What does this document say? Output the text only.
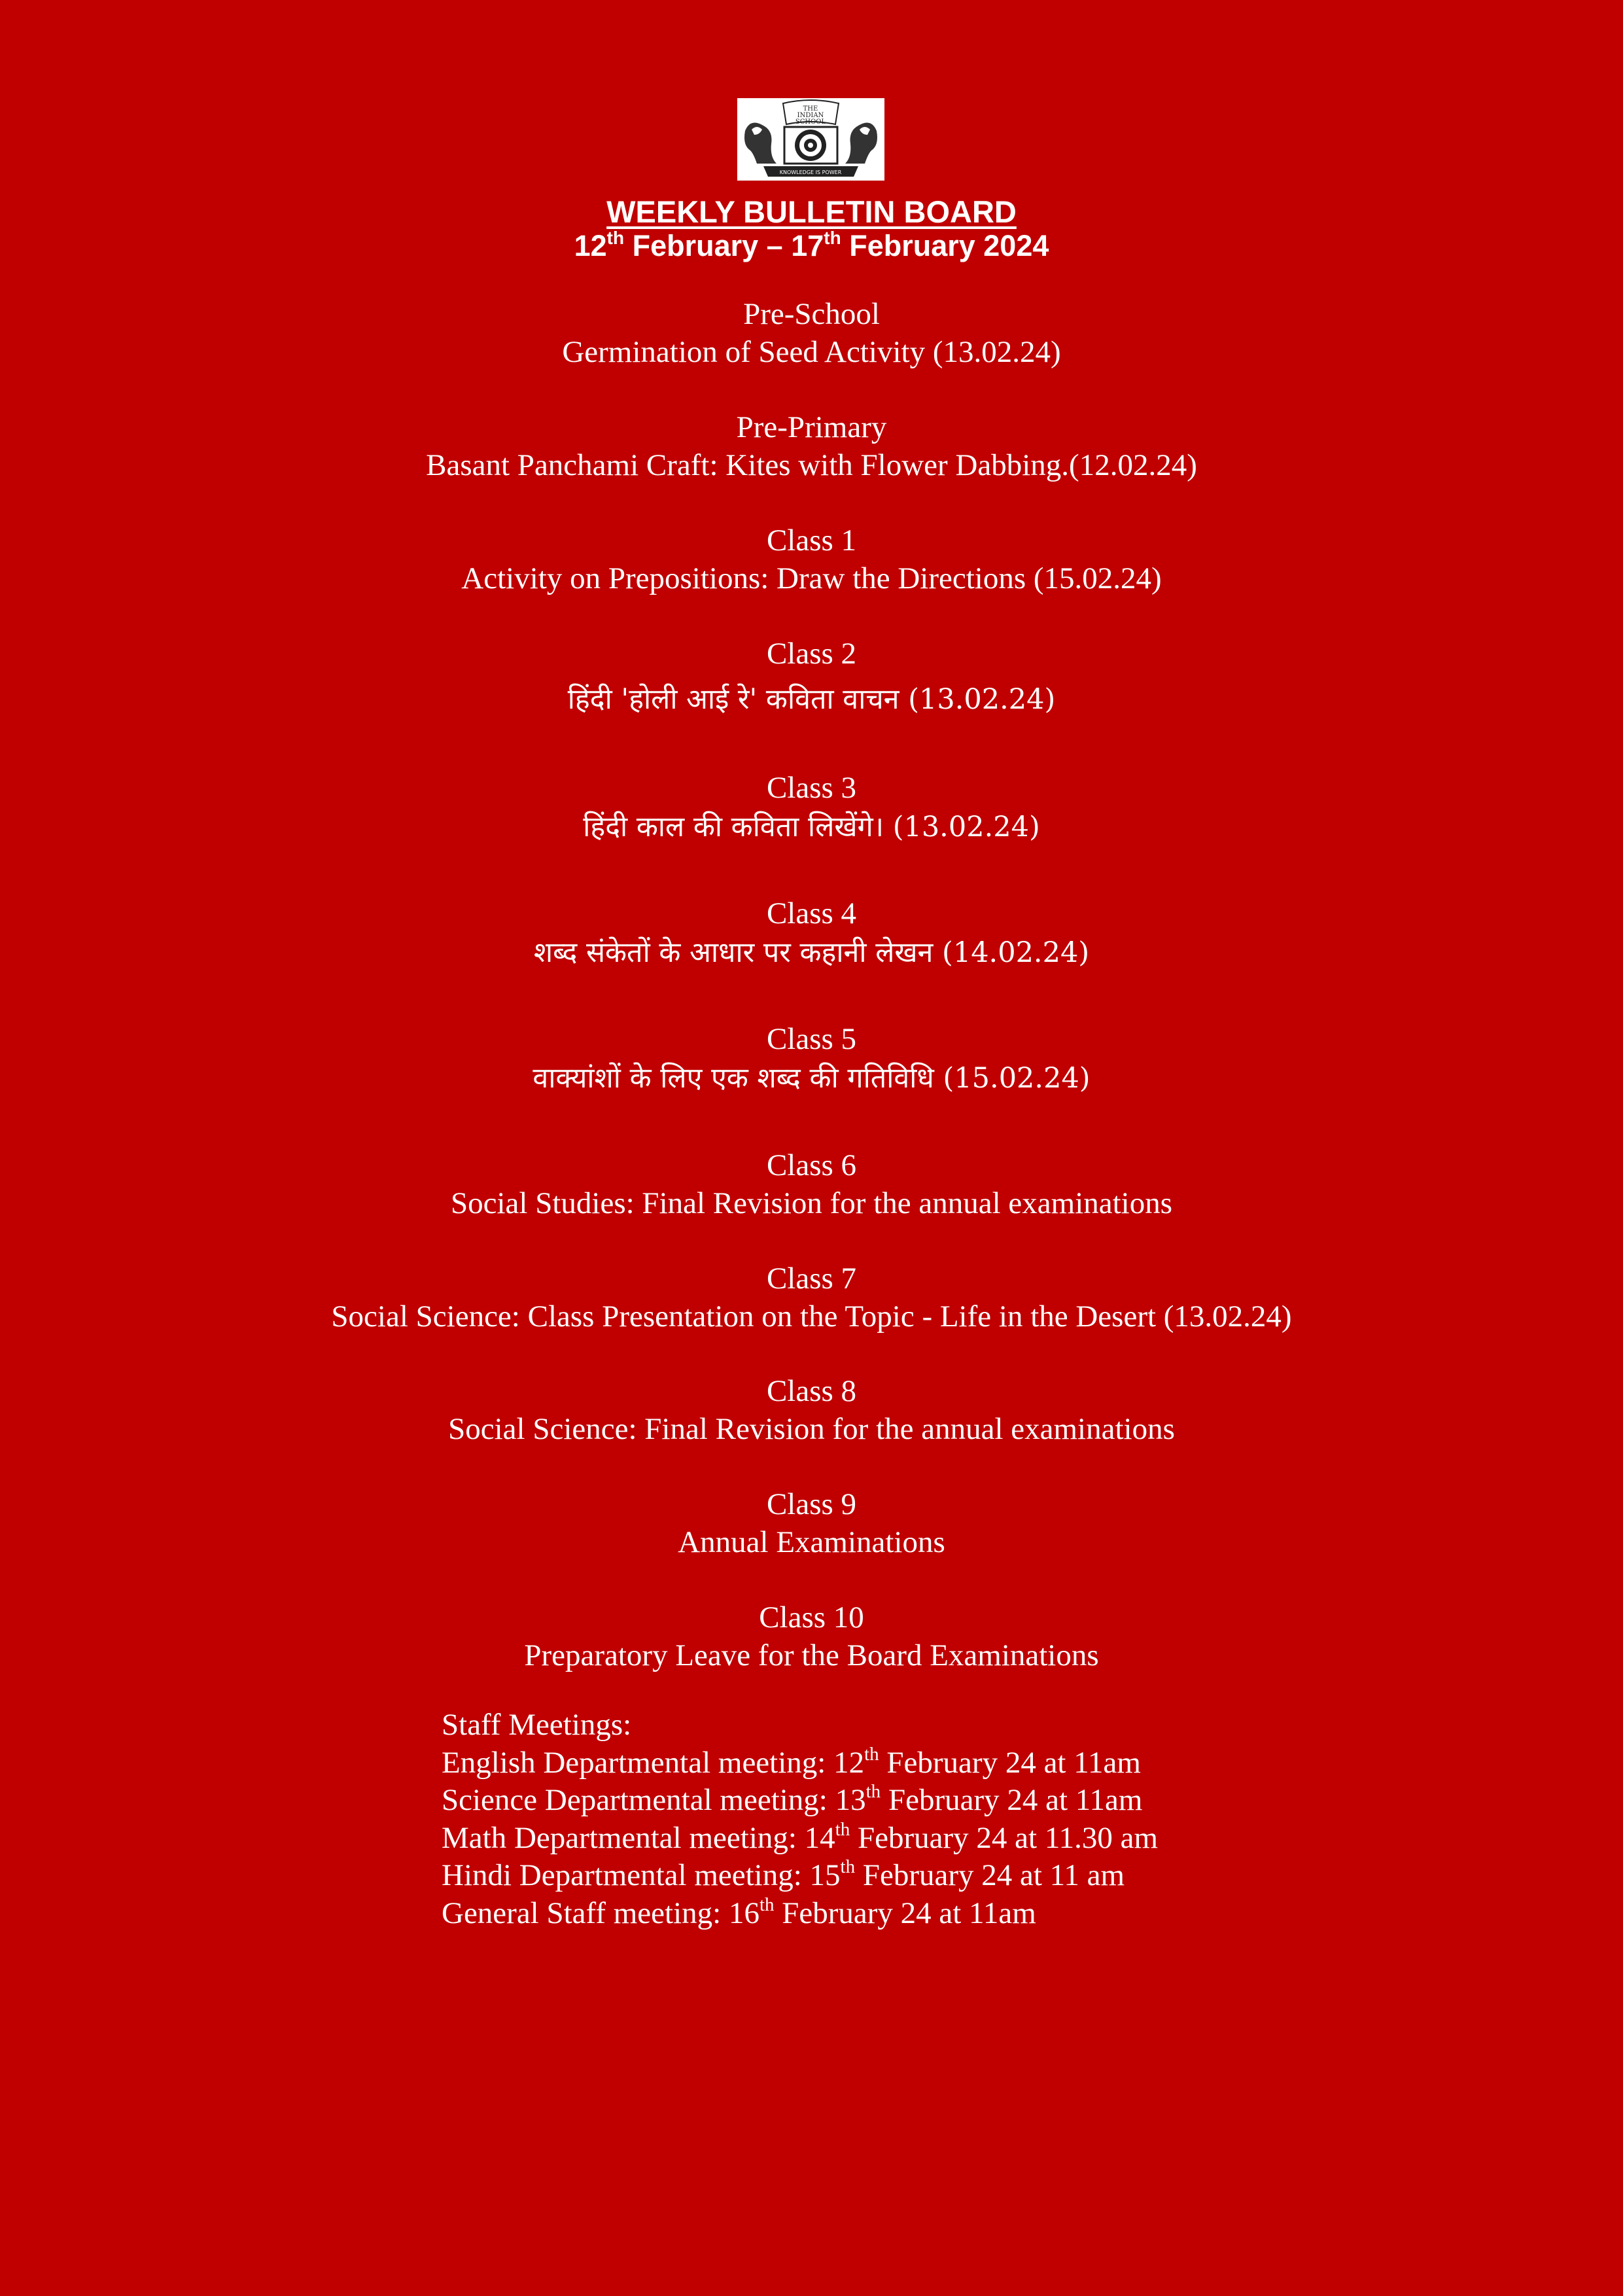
THE
INDIAN
SCHOOL
KNOWLEDGE IS POWER
WEEKLY BULLETIN BOARD
12th February – 17th February 2024
Pre-School
Germination of Seed Activity (13.02.24)
Pre-Primary
Basant Panchami Craft: Kites with Flower Dabbing.(12.02.24)
Class 1
Activity on Prepositions: Draw the Directions (15.02.24)
Class 2
हिंदी 'होली आई रे' कविता वाचन (13.02.24)
Class 3
हिंदी काल की कविता लिखेंगे। (13.02.24)
Class 4
शब्द संकेतों के आधार पर कहानी लेखन (14.02.24)
Class 5
वाक्यांशों के लिए एक शब्द की गतिविधि (15.02.24)
Class 6
Social Studies: Final Revision for the annual examinations
Class 7
Social Science: Class Presentation on the Topic - Life in the Desert (13.02.24)
Class 8
Social Science: Final Revision for the annual examinations
Class 9
Annual Examinations
Class 10
Preparatory Leave for the Board Examinations
Staff Meetings:
English Departmental meeting: 12th February 24 at 11am
Science Departmental meeting: 13th February 24 at 11am
Math Departmental meeting: 14th February 24 at 11.30 am
Hindi Departmental meeting: 15th February 24 at 11 am
General Staff meeting: 16th February 24 at 11am
